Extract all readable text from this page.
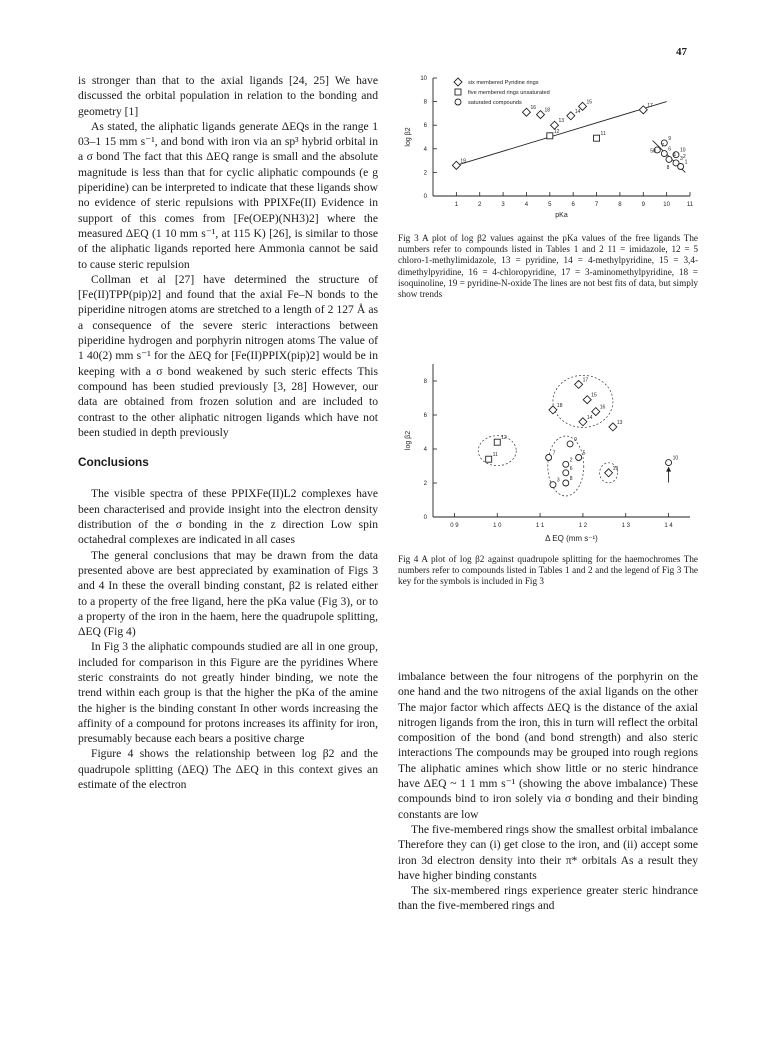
47

is stronger than that to the axial ligands [24, 25] We have discussed the orbital population in relation to the bonding and geometry [1]

As stated, the aliphatic ligands generate ΔEQs in the range 1 03–1 15 mm s⁻¹, and bond with iron via an sp³ hybrid orbital in a σ bond The fact that this ΔEQ range is small and the absolute magnitude is less than that for cyclic aliphatic compounds (e g piperidine) can be interpreted to indicate that these ligands show no evidence of steric repulsions with PPIXFe(II) Evidence in support of this comes from [Fe(OEP)(NH3)2] where the measured ΔEQ (1 10 mm s⁻¹, at 115 K) [26], is similar to those of the aliphatic ligands reported here Ammonia cannot be said to cause steric repulsion

Collman et al [27] have determined the structure of [Fe(II)TPP(pip)2] and found that the axial Fe–N bonds to the piperidine nitrogen atoms are stretched to a length of 2 127 Å as a consequence of the severe steric interactions between piperidine hydrogen and porphyrin nitrogen atoms The value of 1 40(2) mm s⁻¹ for the ΔEQ for [Fe(II)PPIX(pip)2] would be in keeping with a σ bond weakened by such steric effects This compound has been studied previously [3, 28] However, our data are obtained from frozen solution and are included to contrast to the other aliphatic nitrogen ligands which have not been studied in depth previously

Conclusions

The visible spectra of these PPIXFe(II)L2 complexes have been characterised and provide insight into the electron density distribution of the σ bonding in the z direction Low spin octahedral complexes are indicated in all cases

The general conclusions that may be drawn from the data presented above are best appreciated by examination of Figs 3 and 4 In these the overall binding constant, β2 is related either to a property of the free ligand, here the pKa value (Fig 3), or to a property of the iron in the haem, here the quadrupole splitting, ΔEQ (Fig 4)

In Fig 3 the aliphatic compounds studied are all in one group, included for comparison in this Figure are the pyridines Where steric constraints do not greatly hinder binding, we note the trend within each group is that the higher the pKa of the amine the higher is the binding constant In other words increasing the affinity of a compound for protons increases its affinity for iron, presumably because each bears a positive charge

Figure 4 shows the relationship between log β2 and the quadrupole splitting (ΔEQ) The ΔEQ in this context gives an estimate of the electron

1	2	3	4	5	6	7	8	9	10	11
0
2
4
6
8
10
pKa
log β2
six membered Pyridine rings
five membered rings unsaturated
saturated compounds
19
16 18
13
14
15
17
12	11
9
10
7
6
4
3
1
50
2
8
Fig 3 A plot of log β2 values against the pKa values of the free ligands The numbers refer to compounds listed in Tables 1 and 2 11 = imidazole, 12 = 5 chloro-1-methylimidazole, 13 = pyridine, 14 = 4-methylpyridine, 15 = 3,4-dimethylpyridine, 16 = 4-chloropyridine, 17 = 3-aminomethylpyridine, 18 = isoquinoline, 19 = pyridine-N-oxide The lines are not best fits of data, but simply show trends
0 9	1 0	1 1	1 2	1 3	1 4
0
2
4
6
8
Δ EQ (mm s⁻¹)
log β2
17
15
18	16
14
13
12
11
9
7	5
2
6
8
3
19
10
Fig 4 A plot of log β2 against quadrupole splitting for the haemochromes The numbers refer to compounds listed in Tables 1 and 2 and the legend of Fig 3 The key for the symbols is included in Fig 3

imbalance between the four nitrogens of the porphyrin on the one hand and the two nitrogens of the axial ligands on the other The major factor which affects ΔEQ is the distance of the axial nitrogen ligands from the iron, this in turn will reflect the orbital composition of the bond (and bond strength) and also steric interactions The compounds may be grouped into rough regions The aliphatic amines which show little or no steric hindrance have ΔEQ ~ 1 1 mm s⁻¹ (showing the above imbalance) These compounds bind to iron solely via σ bonding and their binding constants are low

The five-membered rings show the smallest orbital imbalance Therefore they can (i) get close to the iron, and (ii) accept some iron 3d electron density into their π* orbitals As a result they have higher binding constants

The six-membered rings experience greater steric hindrance than the five-membered rings and
